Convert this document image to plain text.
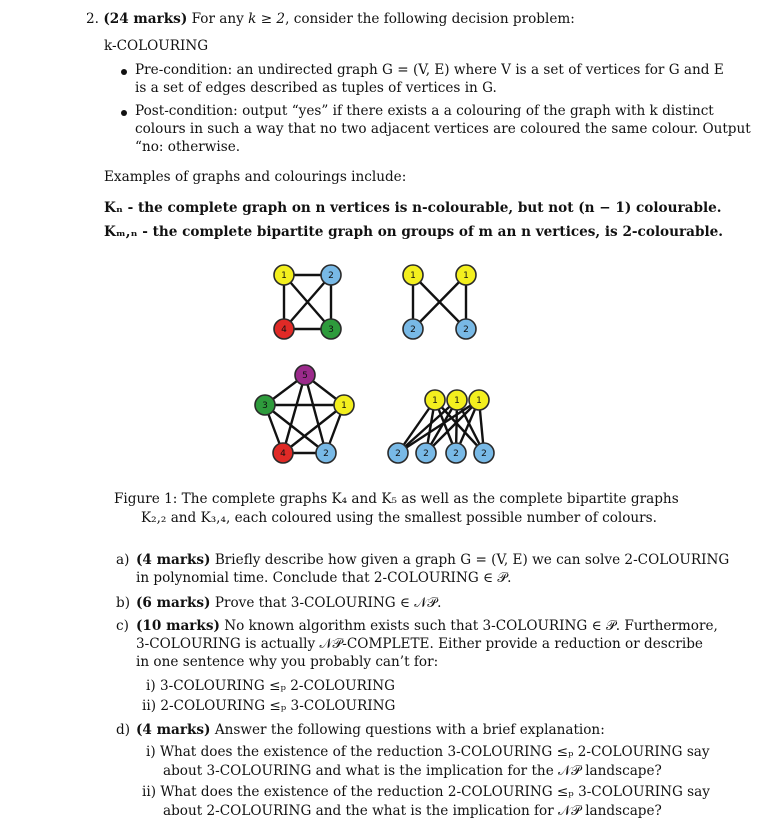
2. (24 marks) For any k ≥ 2, consider the following decision problem:
k-COLOURING
Pre-condition: an undirected graph G = (V, E) where V is a set of vertices for G and E
is a set of edges described as tuples of vertices in G.
Post-condition: output “yes” if there exists a a colouring of the graph with k distinct
colours in such a way that no two adjacent vertices are coloured the same colour. Output
“no: otherwise.
Examples of graphs and colourings include:
Kₙ - the complete graph on n vertices is n-colourable, but not (n − 1) colourable.
Kₘ,ₙ - the complete bipartite graph on groups of m an n vertices, is 2-colourable.
1	2
4	3
1	1
2	2
5
1
2
4
3	1 1 1
2 2	2 2
Figure 1: The complete graphs K₄ and K₅ as well as the complete bipartite graphs
K₂,₂ and K₃,₄, each coloured using the smallest possible number of colours.
a) (4 marks) Briefly describe how given a graph G = (V, E) we can solve 2-COLOURING
in polynomial time. Conclude that 2-COLOURING ∈ 𝒫.
b) (6 marks) Prove that 3-COLOURING ∈ 𝒩𝒫.
c) (10 marks) No known algorithm exists such that 3-COLOURING ∈ 𝒫. Furthermore,
3-COLOURING is actually 𝒩𝒫-COMPLETE. Either provide a reduction or describe
in one sentence why you probably can’t for:
i) 3-COLOURING ≤ₚ 2-COLOURING
ii) 2-COLOURING ≤ₚ 3-COLOURING
d) (4 marks) Answer the following questions with a brief explanation:
i) What does the existence of the reduction 3-COLOURING ≤ₚ 2-COLOURING say
about 3-COLOURING and what is the implication for the 𝒩𝒫 landscape?
ii) What does the existence of the reduction 2-COLOURING ≤ₚ 3-COLOURING say
about 2-COLOURING and the what is the implication for 𝒩𝒫 landscape?
